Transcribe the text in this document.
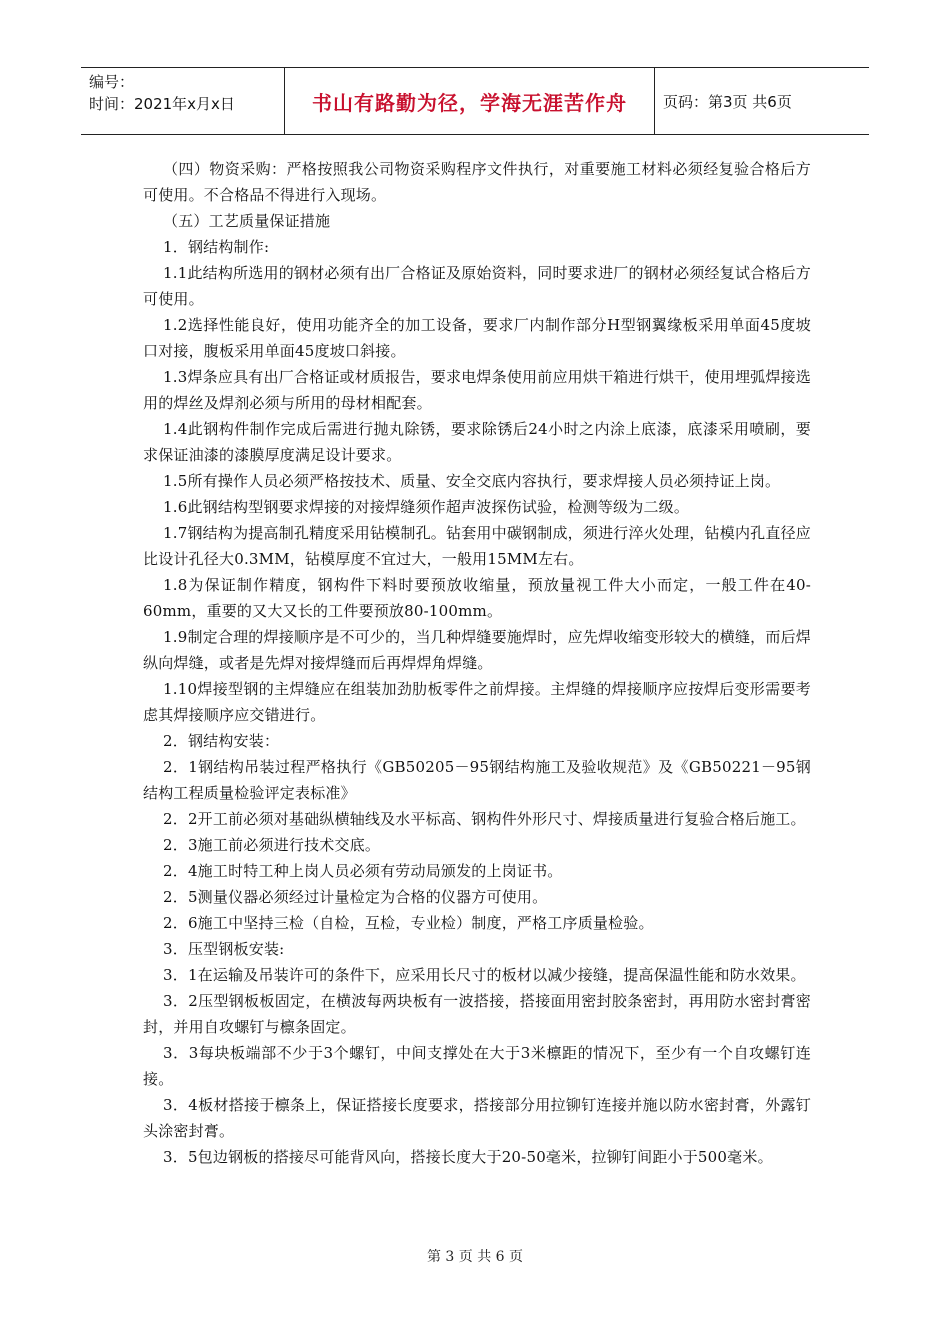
编号：
时间：2021年x月x日	书山有路勤为径，学海无涯苦作舟	页码：第3页 共6页

（四）物资采购：严格按照我公司物资采购程序文件执行，对重要施工材料必须经复验合格后方可使用。不合格品不得进行入现场。

（五）工艺质量保证措施

1．钢结构制作:

1.1此结构所选用的钢材必须有出厂合格证及原始资料，同时要求进厂的钢材必须经复试合格后方可使用。

1.2选择性能良好，使用功能齐全的加工设备，要求厂内制作部分H型钢翼缘板采用单面45度坡口对接，腹板采用单面45度坡口斜接。

1.3焊条应具有出厂合格证或材质报告，要求电焊条使用前应用烘干箱进行烘干，使用埋弧焊接选用的焊丝及焊剂必须与所用的母材相配套。

1.4此钢构件制作完成后需进行抛丸除锈，要求除锈后24小时之内涂上底漆，底漆采用喷刷，要求保证油漆的漆膜厚度满足设计要求。

1.5所有操作人员必须严格按技术、质量、安全交底内容执行，要求焊接人员必须持证上岗。

1.6此钢结构型钢要求焊接的对接焊缝须作超声波探伤试验，检测等级为二级。

1.7钢结构为提高制孔精度采用钻模制孔。钻套用中碳钢制成，须进行淬火处理，钻模内孔直径应比设计孔径大0.3MM，钻模厚度不宜过大，一般用15MM左右。

1.8为保证制作精度，钢构件下料时要预放收缩量，预放量视工件大小而定，一般工件在40-60mm，重要的又大又长的工件要预放80-100mm。

1.9制定合理的焊接顺序是不可少的，当几种焊缝要施焊时，应先焊收缩变形较大的横缝，而后焊纵向焊缝，或者是先焊对接焊缝而后再焊焊角焊缝。

1.10焊接型钢的主焊缝应在组装加劲肋板零件之前焊接。主焊缝的焊接顺序应按焊后变形需要考虑其焊接顺序应交错进行。

2．钢结构安装：

2．1钢结构吊装过程严格执行《GB50205－95钢结构施工及验收规范》及《GB50221－95钢结构工程质量检验评定表标准》

2．2开工前必须对基础纵横轴线及水平标高、钢构件外形尺寸、焊接质量进行复验合格后施工。

2．3施工前必须进行技术交底。

2．4施工时特工种上岗人员必须有劳动局颁发的上岗证书。

2．5测量仪器必须经过计量检定为合格的仪器方可使用。

2．6施工中坚持三检（自检，互检，专业检）制度，严格工序质量检验。

3．压型钢板安装:

3．1在运输及吊装许可的条件下，应采用长尺寸的板材以减少接缝，提高保温性能和防水效果。

3．2压型钢板板固定，在横波每两块板有一波搭接，搭接面用密封胶条密封，再用防水密封膏密封，并用自攻螺钉与檩条固定。

3．3每块板端部不少于3个螺钉，中间支撑处在大于3米檩距的情况下，至少有一个自攻螺钉连接。

3．4板材搭接于檩条上，保证搭接长度要求，搭接部分用拉铆钉连接并施以防水密封膏，外露钉头涂密封膏。

3．5包边钢板的搭接尽可能背风向，搭接长度大于20-50毫米，拉铆钉间距小于500毫米。

第 3 页 共 6 页
